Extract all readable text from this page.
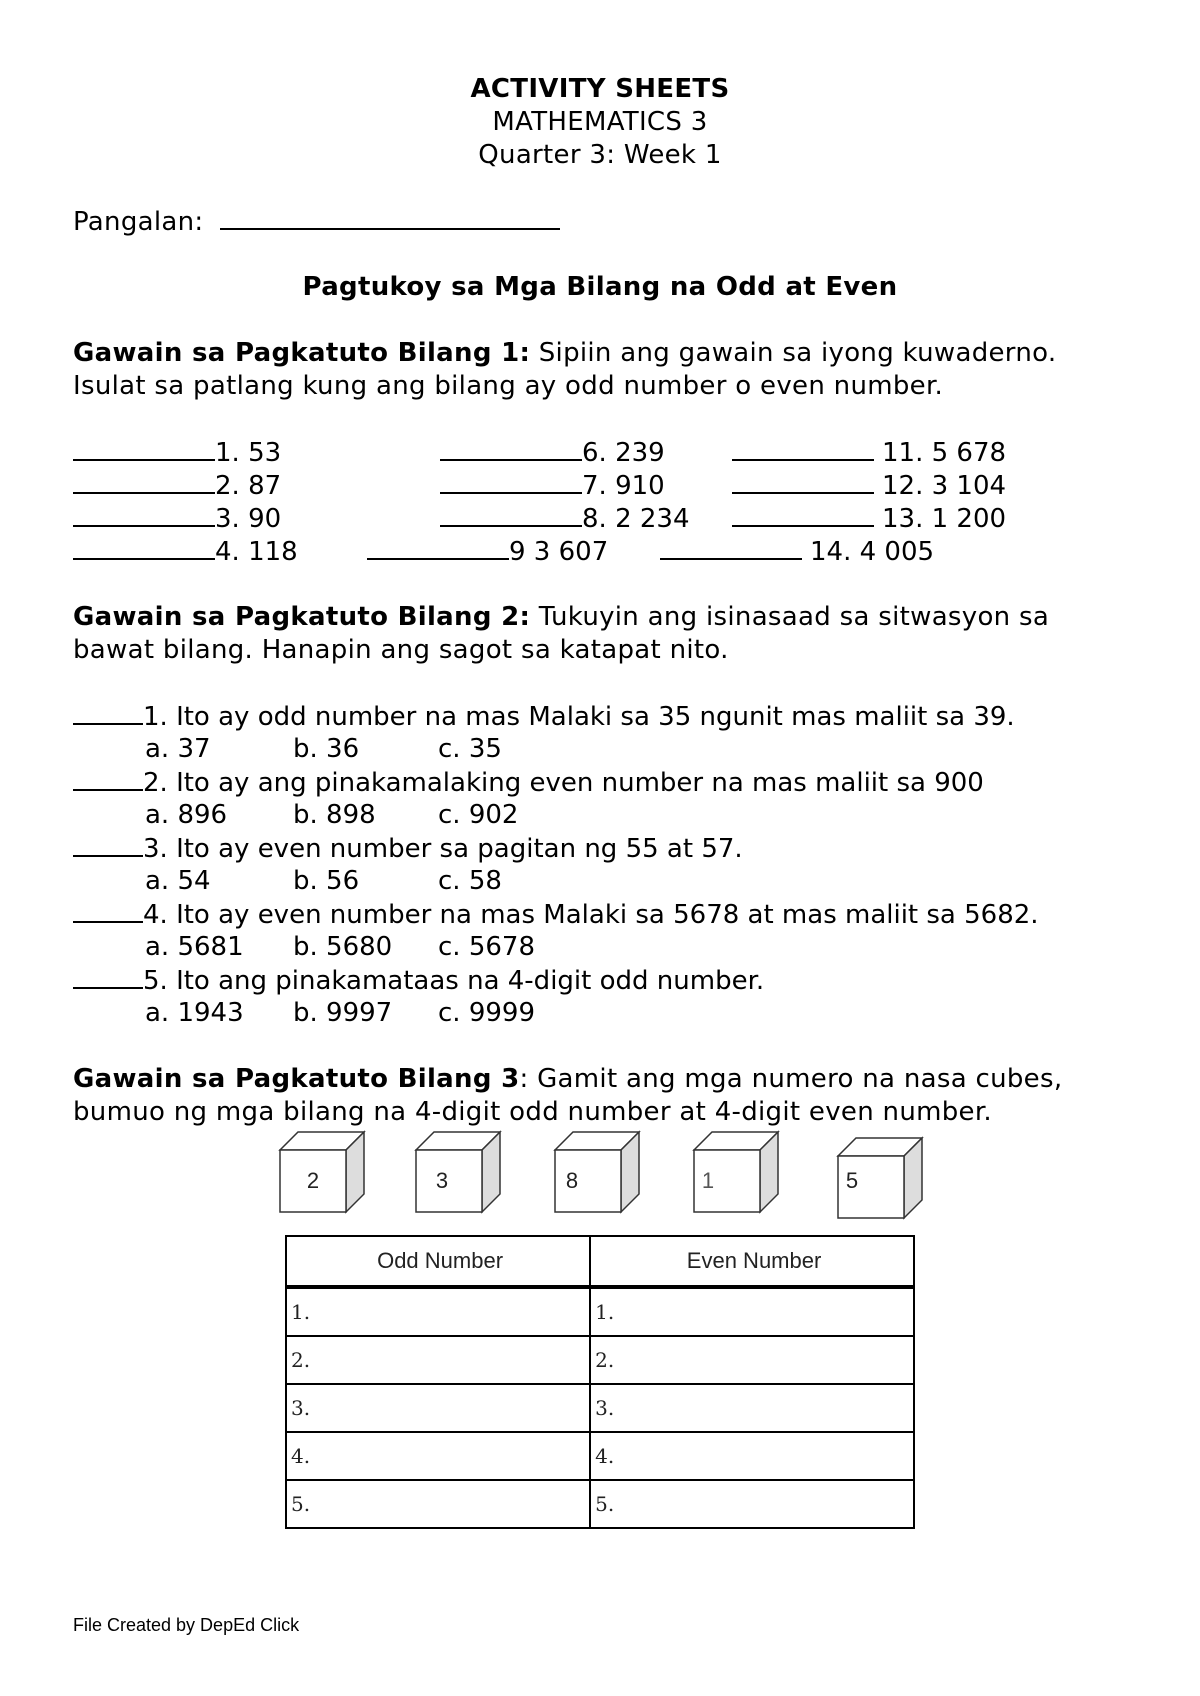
ACTIVITY SHEETS
MATHEMATICS 3
Quarter 3: Week 1
Pangalan:
Pagtukoy sa Mga Bilang na Odd at Even
Gawain sa Pagkatuto Bilang 1: Sipiin ang gawain sa iyong kuwaderno.
Isulat sa patlang kung ang bilang ay odd number o even number.
1. 53
2. 87
3. 90
4. 118
6. 239
7. 910
8. 2 234
9 3 607
11. 5 678
12. 3 104
13. 1 200
14. 4 005
Gawain sa Pagkatuto Bilang 2: Tukuyin ang isinasaad sa sitwasyon sa
bawat bilang. Hanapin ang sagot sa katapat nito.
1. Ito ay odd number na mas Malaki sa 35 ngunit mas maliit sa 39.
a. 37	b. 36	c. 35
2. Ito ay ang pinakamalaking even number na mas maliit sa 900
a. 896	b. 898 c. 902
3. Ito ay even number sa pagitan ng 55 at 57.
a. 54	b. 56	c. 58
4. Ito ay even number na mas Malaki sa 5678 at mas maliit sa 5682.
a. 5681 b. 5680 c. 5678
5. Ito ang pinakamataas na 4-digit odd number.
a. 1943 b. 9997 c. 9999
Gawain sa Pagkatuto Bilang 3: Gamit ang mga numero na nasa cubes,
bumuo ng mga bilang na 4-digit odd number at 4-digit even number.
2	3	8	1	5
Odd Number	Even Number
1.	1.
2.	2.
3.	3.
4.	4.
5.	5.
File Created by DepEd Click
